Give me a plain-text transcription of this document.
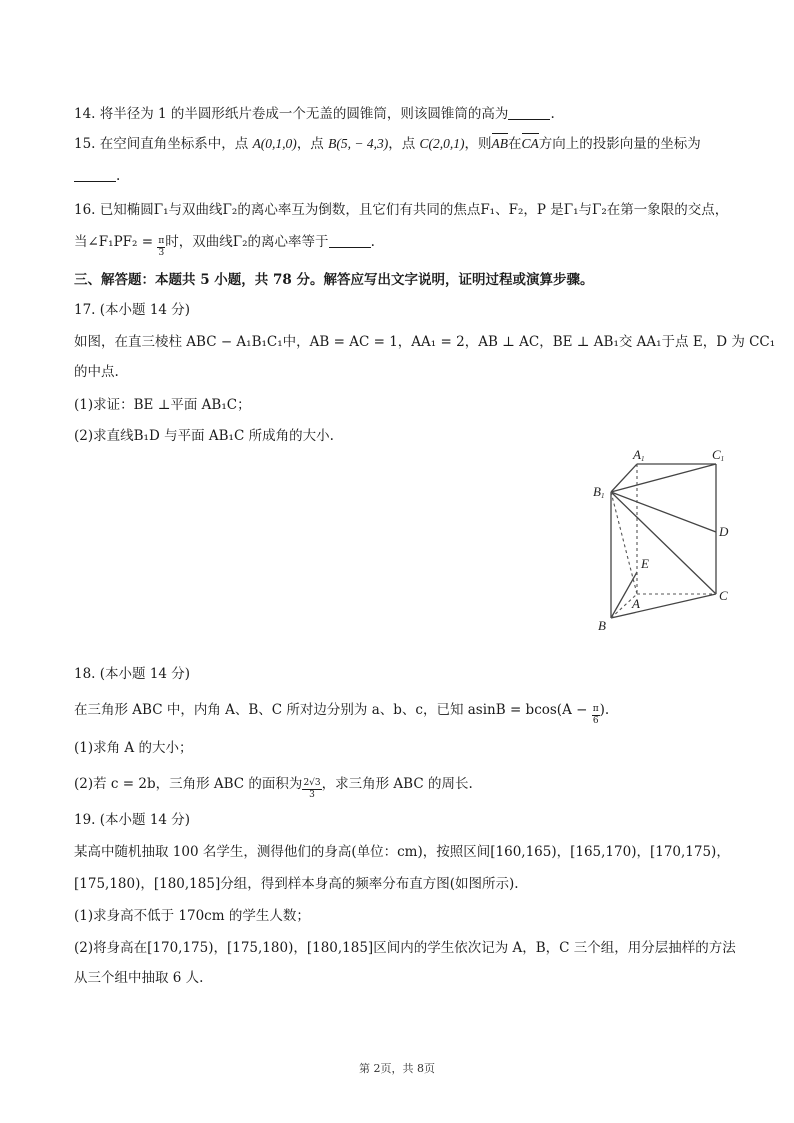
14. 将半径为 1 的半圆形纸片卷成一个无盖的圆锥筒，则该圆锥筒的高为	.
15. 在空间直角坐标系中，点 A(0,1,0)，点 B(5, − 4,3)，点 C(2,0,1)，则
AB在
CA方向上的投影向量的坐标为
.
16. 已知椭圆Γ₁与双曲线Γ₂的离心率互为倒数，且它们有共同的焦点F₁、F₂，P 是Γ₁与Γ₂在第一象限的交点，
当∠F₁PF₂ = $\frac{\pi}{3}$ 时，双曲线Γ₂的离心率等于	.
三、解答题：本题共 5 小题，共 78 分。解答应写出文字说明，证明过程或演算步骤。
17. (本小题 14 分)
如图，在直三棱柱 ABC − A₁B₁C₁中，AB = AC = 1，AA₁ = 2，AB ⊥ AC，BE ⊥ AB₁交 AA₁于点 E，D 为 CC₁
的中点.
(1)求证：BE ⊥平面 AB₁C；
(2)求直线B₁D 与平面 AB₁C 所成角的大小.
A1	C1
B1
D
E
A
C
B
18. (本小题 14 分)
在三角形 ABC 中，内角 A、B、C 所对边分别为 a、b、c，已知 $asinB = bcos(A - \frac{\pi}{6}$ ).
(1)求角 A 的大小；
(2)若 c = 2b，三角形 ABC 的面积为 $\frac{2√3}{3}$ ，求三角形 ABC 的周长.
19. (本小题 14 分)
某高中随机抽取 100 名学生，测得他们的身高(单位：cm)，按照区间[160,165)，[165,170)，[170,175)，
[175,180)，[180,185]分组，得到样本身高的频率分布直方图(如图所示).
(1)求身高不低于 170cm 的学生人数；
(2)将身高在[170,175)，[175,180)，[180,185]区间内的学生依次记为 A，B，C 三个组，用分层抽样的方法
从三个组中抽取 6 人.
第 2页，共 8页
